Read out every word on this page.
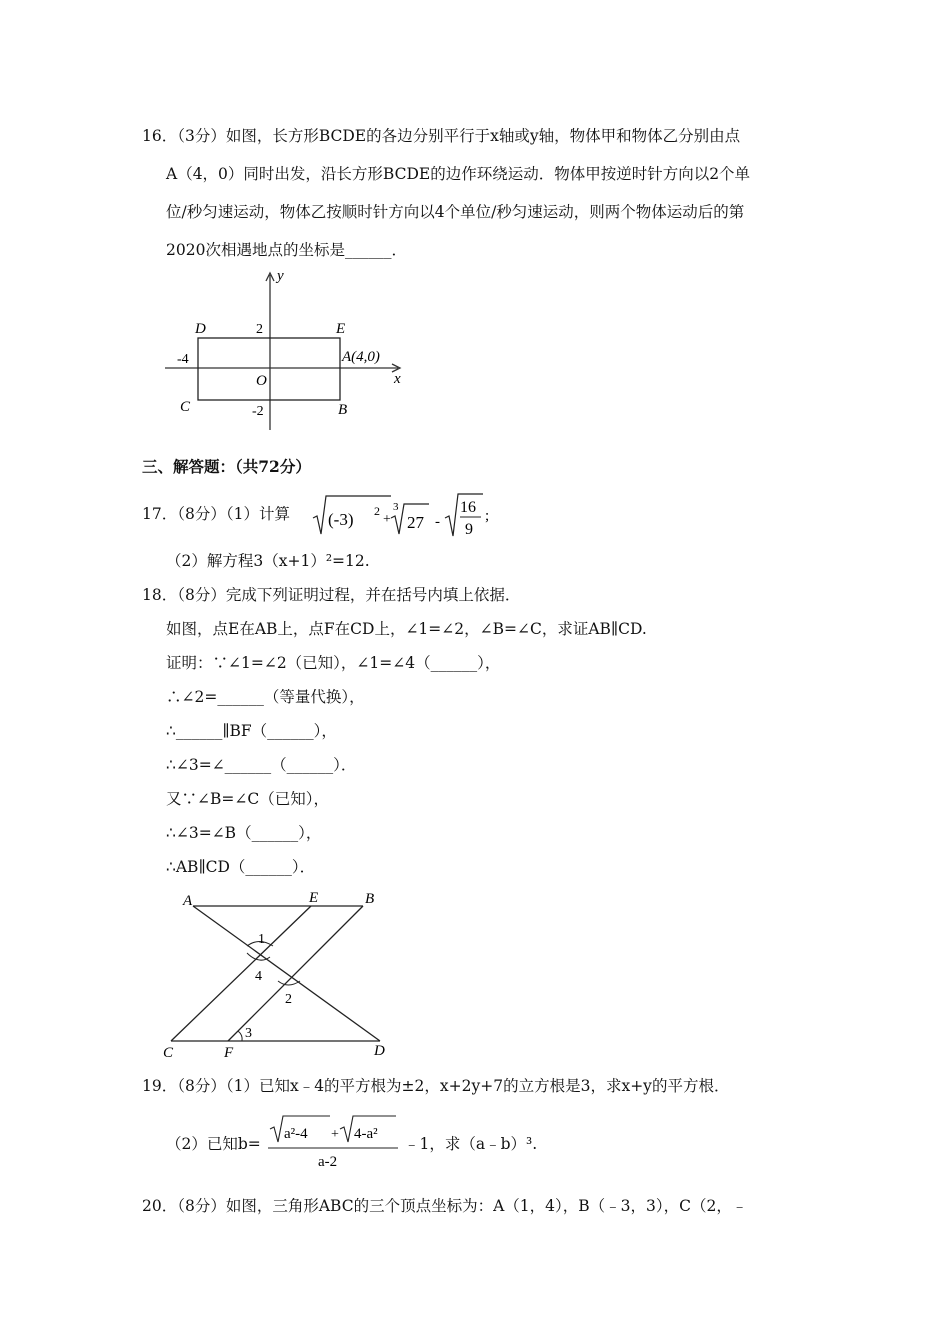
16．（3分）如图，长方形BCDE的各边分别平行于x轴或y轴，物体甲和物体乙分别由点
A（4，0）同时出发，沿长方形BCDE的边作环绕运动．物体甲按逆时针方向以2个单
位/秒匀速运动，物体乙按顺时针方向以4个单位/秒匀速运动，则两个物体运动后的第
2020次相遇地点的坐标是______．
y
x
D	E
C	B
O
2
-4
-2
A(4,0)
三、解答题：（共72分）
17．（8分）（1）计算 (-3) 2
+
3
27 -
16
9
;
（2）解方程3（x+1）²=12.
18．（8分）完成下列证明过程，并在括号内填上依据．
如图，点E在AB上，点F在CD上，∠1=∠2，∠B=∠C，求证AB∥CD.
证明：∵∠1=∠2（已知），∠1=∠4（______），
∴∠2=______（等量代换），
∴______∥BF（______），
∴∠3=∠______（______）．
又∵∠B=∠C（已知），
∴∠3=∠B（______），
∴AB∥CD（______）．
A	E	B
C	F	D
1
4
2
3
19．（8分）（1）已知x﹣4的平方根为±2，x+2y+7的立方根是3，求x+y的平方根．
（2）已知b=
a²-4 + 4-a²
a-2
﹣1，求（a﹣b）³.
20．（8分）如图，三角形ABC的三个顶点坐标为：A（1，4），B（﹣3，3），C（2，﹣
